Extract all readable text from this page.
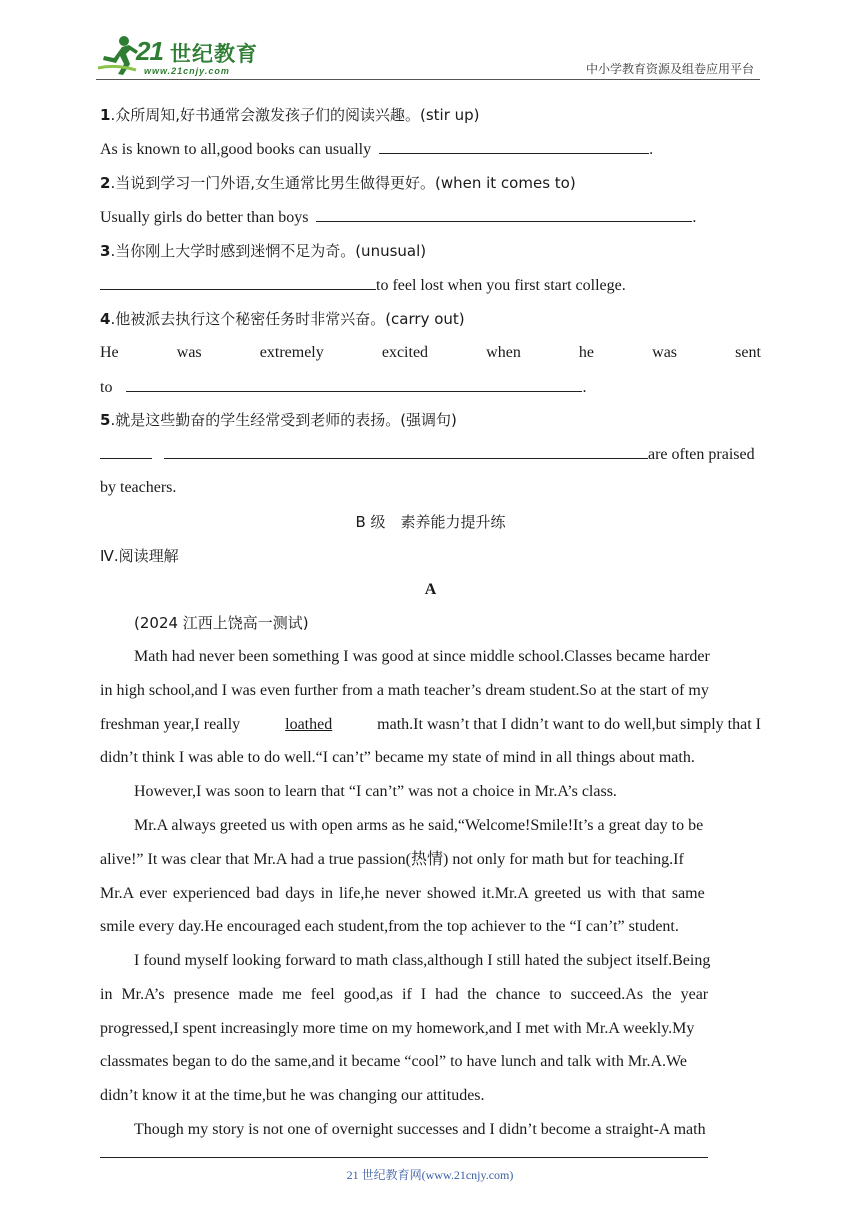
21 世纪教育
www.21cnjy.com	中小学教育资源及组卷应用平台
1.众所周知,好书通常会激发孩子们的阅读兴趣。(stir up)
As is known to all,good books can usually	.
2.当说到学习一门外语,女生通常比男生做得更好。(when it comes to)
Usually girls do better than boys	.
3.当你刚上大学时感到迷惘不足为奇。(unusual)
to feel lost when you first start college.
4.他被派去执行这个秘密任务时非常兴奋。(carry out)
He	was	extremely	excited	when	he	was	sent
to	.
5.就是这些勤奋的学生经常受到老师的表扬。(强调句)
are often praised
by teachers.
B 级　素养能力提升练
Ⅳ.阅读理解
A
(2024 江西上饶高一测试)
Math had never been something I was good at since middle school.Classes became harder
in high school,and I was even further from a math teacher’s dream student.So at the start of my
freshman year,I really	loathed	math.It wasn’t that I didn’t want to do well,but simply that I
didn’t think I was able to do well.“I can’t” became my state of mind in all things about math.
However,I was soon to learn that “I can’t” was not a choice in Mr.A’s class.
Mr.A always greeted us with open arms as he said,“Welcome!Smile!It’s a great day to be
alive!” It was clear that Mr.A had a true passion(热情) not only for math but for teaching.If
Mr.A ever experienced bad days in life,he never showed it.Mr.A greeted us with that same
smile every day.He encouraged each student,from the top achiever to the “I can’t” student.
I found myself looking forward to math class,although I still hated the subject itself.Being
in Mr.A’s presence made me feel good,as if I had the chance to succeed.As the year
progressed,I spent increasingly more time on my homework,and I met with Mr.A weekly.My
classmates began to do the same,and it became “cool” to have lunch and talk with Mr.A.We
didn’t know it at the time,but he was changing our attitudes.
Though my story is not one of overnight successes and I didn’t become a straight-A math
21 世纪教育网(www.21cnjy.com)
